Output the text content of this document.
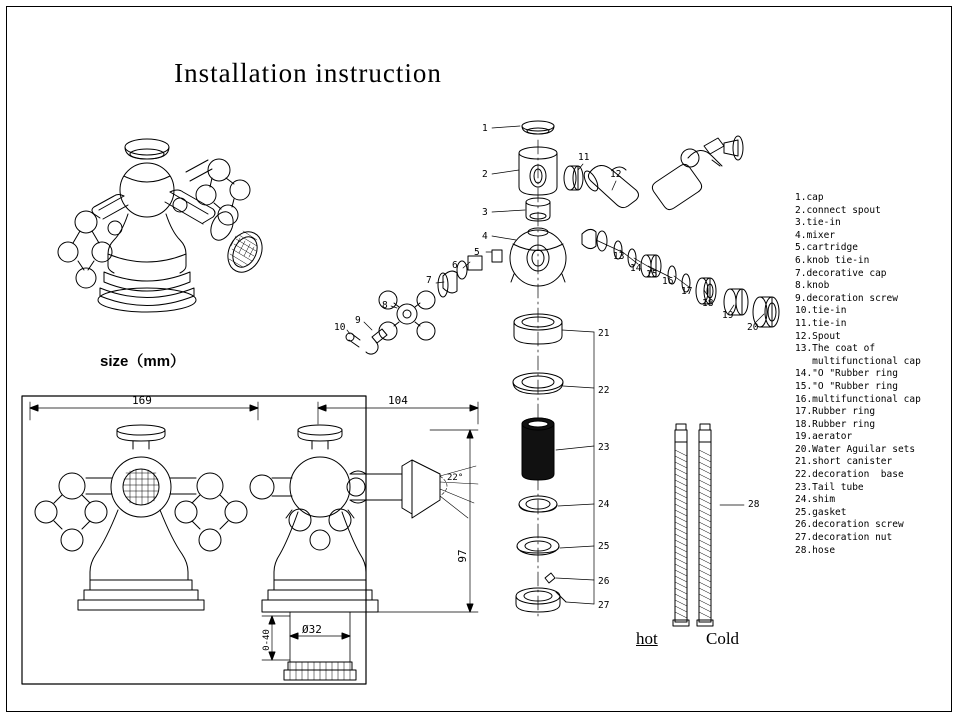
Installation instruction
size（mm）
1
2
3
4
5
6
7
8
9
10
11
12
13
14
15
16
17
18
19
20
21
22
23
24
25
26
27
28
169	104
97
22°
Ø32
0-40
1.cap
2.connect spout
3.tie-in
4.mixer
5.cartridge
6.knob tie-in
7.decorative cap
8.knob
9.decoration screw
10.tie-in
11.tie-in
12.Spout
13.The coat of
multifunctional cap
14."O "Rubber ring
15."O "Rubber ring
16.multifunctional cap
17.Rubber ring
18.Rubber ring
19.aerator
20.Water Aguilar sets
21.short canister
22.decoration  base
23.Tail tube
24.shim
25.gasket
26.decoration screw
27.decoration nut
28.hose
hot	Cold
